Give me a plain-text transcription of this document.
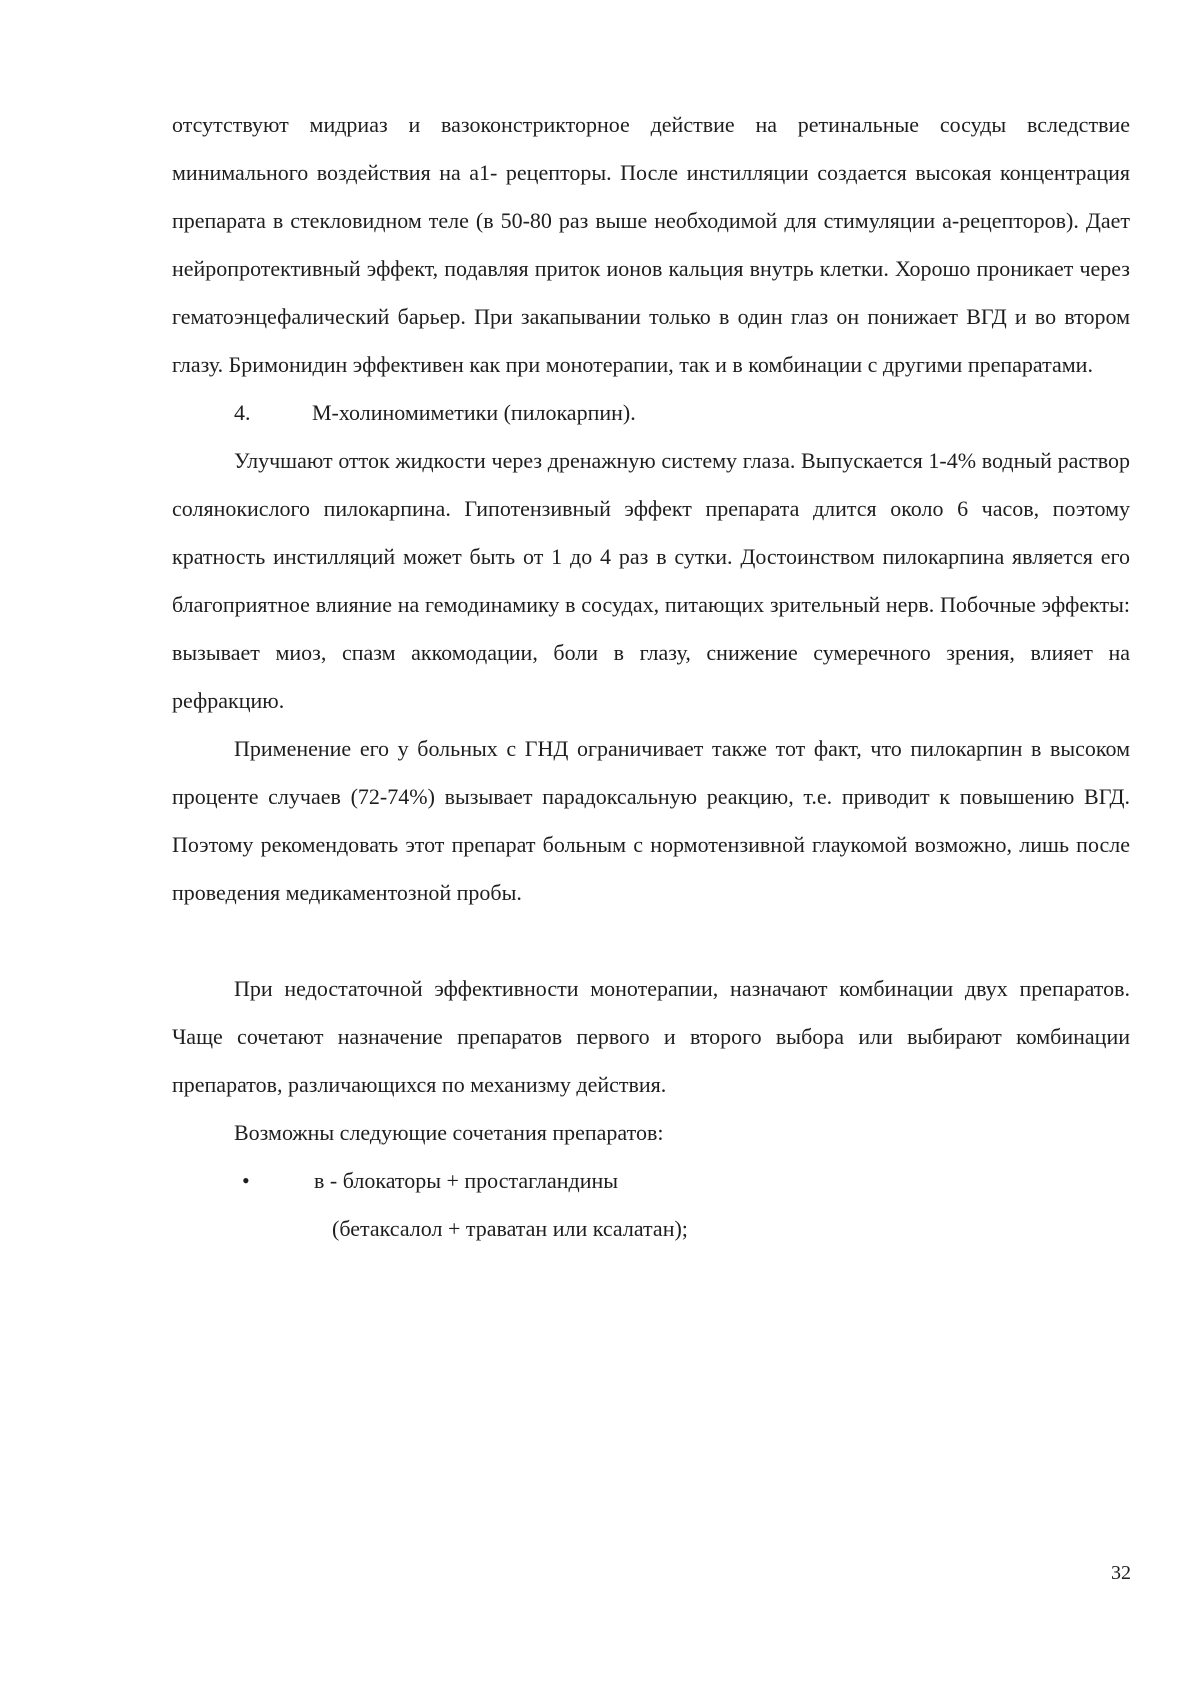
отсутствуют мидриаз и вазоконстрикторное действие на ретинальные сосуды вследствие минимального воздействия на а1- рецепторы. После инстилляции создается высокая концентрация препарата в стекловидном теле (в 50-80 раз выше необходимой для стимуляции а-рецепторов). Дает нейропротективный эффект, подавляя приток ионов кальция внутрь клетки. Хорошо проникает через гематоэнцефалический барьер. При закапывании только в один глаз он понижает ВГД и во втором глазу. Бримонидин эффективен как при монотерапии, так и в комбинации с другими препаратами.

4.	М-холиномиметики (пилокарпин).

Улучшают отток жидкости через дренажную систему глаза. Выпускается 1-4% водный раствор солянокислого пилокарпина. Гипотензивный эффект препарата длится около 6 часов, поэтому кратность инстилляций может быть от 1 до 4 раз в сутки. Достоинством пилокарпина является его благоприятное влияние на гемодинамику в сосудах, питающих зрительный нерв. Побочные эффекты: вызывает миоз, спазм аккомодации, боли в глазу, снижение сумеречного зрения, влияет на рефракцию.

Применение его у больных с ГНД ограничивает также тот факт, что пилокарпин в высоком проценте случаев (72-74%) вызывает парадоксальную реакцию, т.е. приводит к повышению ВГД. Поэтому рекомендовать этот препарат больным с нормотензивной глаукомой возможно, лишь после проведения медикаментозной пробы.

При недостаточной эффективности монотерапии, назначают комбинации двух препаратов. Чаще сочетают назначение препаратов первого и второго выбора или выбирают комбинации препаратов, различающихся по механизму действия.

Возможны следующие сочетания препаратов:

•	в - блокаторы + простагландины
(бетаксалол + траватан или ксалатан);
32
